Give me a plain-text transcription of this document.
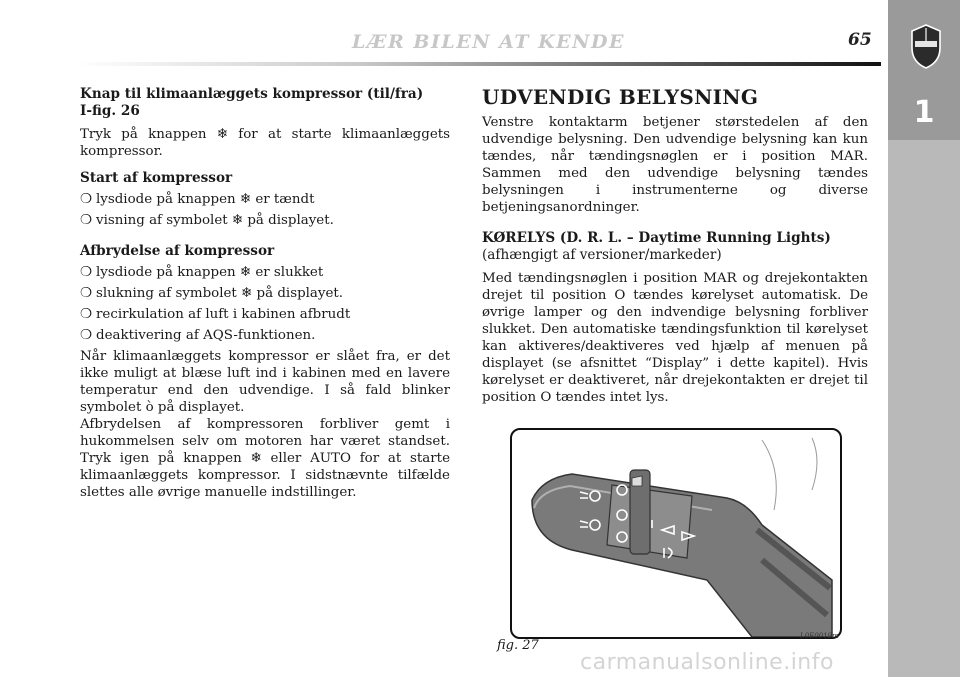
LÆR BILEN AT KENDE	65
1
Knap til klimaanlæggets kompressor (til/fra)
I-fig. 26

Tryk på knappen ❄ for at starte klimaanlæggets kompressor.

Start af kompressor
❍ lysdiode på knappen ❄ er tændt
❍ visning af symbolet ❄ på displayet.
Afbrydelse af kompressor
❍ lysdiode på knappen ❄ er slukket
❍ slukning af symbolet ❄ på displayet.
❍ recirkulation af luft i kabinen afbrudt
❍ deaktivering af AQS-funktionen.

Når klimaanlæggets kompressor er slået fra, er det ikke muligt at blæse luft ind i kabinen med en lavere temperatur end den udvendige. I så fald blinker symbolet ò på displayet.

Afbrydelsen af kompressoren forbliver gemt i hukommelsen selv om motoren har været standset. Tryk igen på knappen ❄ eller AUTO for at starte klimaanlæggets kompressor. I sidstnævnte tilfælde slettes alle øvrige manuelle indstillinger.

UDVENDIG BELYSNING

Venstre kontaktarm betjener størstedelen af den udvendige belysning. Den udvendige belysning kan kun tændes, når tændingsnøglen er i position MAR. Sammen med den udvendige belysning tændes belysningen i instrumenterne og diverse betjeningsanordninger.

KØRELYS (D. R. L. – Daytime Running Lights)
(afhængigt af versioner/markeder)

Med tændingsnøglen i position MAR og drejekontakten drejet til position O tændes kørelyset automatisk. De øvrige lamper og den indvendige belysning forbliver slukket. Den automatiske tændingsfunktion til kørelyset kan aktiveres/deaktiveres ved hjælp af menuen på displayet (se afsnittet “Display” i dette kapitel). Hvis kørelyset er deaktiveret, når drejekontakten er drejet til position O tændes intet lys.

fig. 27
L0E0019m
carmanualsonline.info
